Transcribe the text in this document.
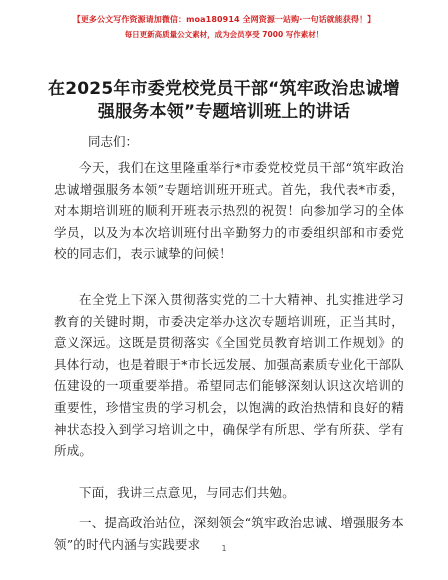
【更多公文写作资源请加微信：moa180914 全网资源一站购·一句话就能获得！】
每日更新高质量公文素材，成为会员享受 7000 写作素材！
在2025年市委党校党员干部“筑牢政治忠诚增强服务本领”专题培训班上的讲话
同志们：

今天，我们在这里隆重举行*市委党校党员干部“筑牢政治忠诚增强服务本领”专题培训班开班式。首先，我代表*市委，对本期培训班的顺利开班表示热烈的祝贺！向参加学习的全体学员，以及为本次培训班付出辛勤努力的市委组织部和市委党校的同志们，表示诚挚的问候！

在全党上下深入贯彻落实党的二十大精神、扎实推进学习教育的关键时期，市委决定举办这次专题培训班，正当其时，意义深远。这既是贯彻落实《全国党员教育培训工作规划》的具体行动，也是着眼于*市长远发展、加强高素质专业化干部队伍建设的一项重要举措。希望同志们能够深刻认识这次培训的重要性，珍惜宝贵的学习机会，以饱满的政治热情和良好的精神状态投入到学习培训之中，确保学有所思、学有所获、学有所成。

下面，我讲三点意见，与同志们共勉。

一、提高政治站位，深刻领会“筑牢政治忠诚、增强服务本领”的时代内涵与实践要求	1
